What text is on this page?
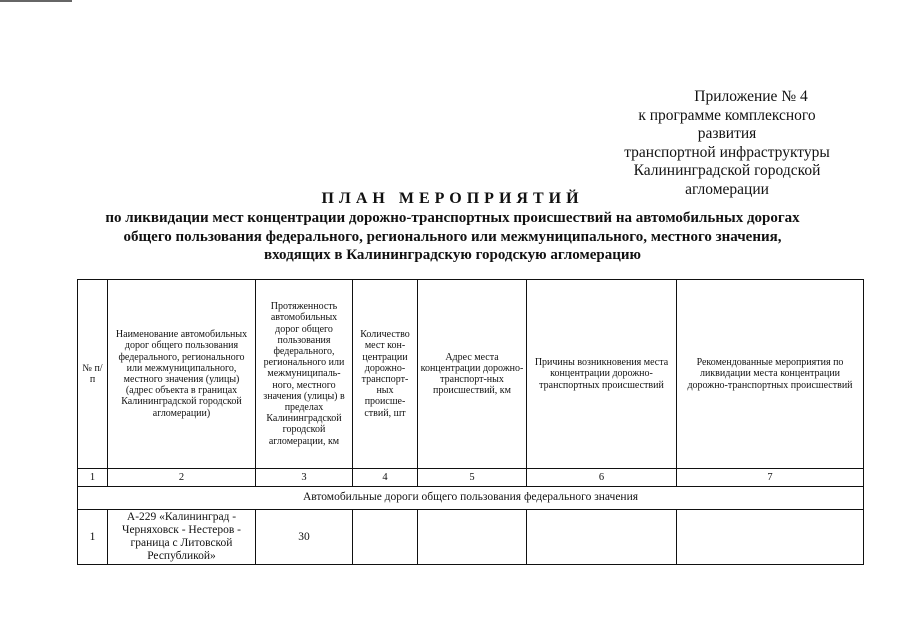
Приложение № 4
к программе комплексного развития
транспортной инфраструктуры
Калининградской городской
агломерации
ПЛАН МЕРОПРИЯТИЙ
по ликвидации мест концентрации дорожно-транспортных происшествий на автомобильных дорогах
общего пользования федерального, регионального или межмуниципального, местного значения,
входящих в Калининградскую городскую агломерацию
№ п/п	Наименование автомобильных дорог общего пользования федерального, регионального или межмуниципального, местного значения (улицы) (адрес объекта в границах Калининградской городской агломерации)	Протяженность автомобильных дорог общего пользования федерального, регионального или межмуниципаль-ного, местного значения (улицы) в пределах Калининградской городской агломерации, км	Количество мест кон-центрации дорожно-транспорт-ных происше-ствий, шт	Адрес места концентрации дорожно-транспорт-ных происшествий, км	Причины возникновения места концентрации дорожно-транспортных происшествий	Рекомендованные мероприятия по ликвидации места концентрации дорожно-транспортных происшествий
1	2	3	4	5	6	7
Автомобильные дороги общего пользования федерального значения						
1	А-229 «Калининград - Черняховск - Нестеров - граница с Литовской Республикой»	30				
